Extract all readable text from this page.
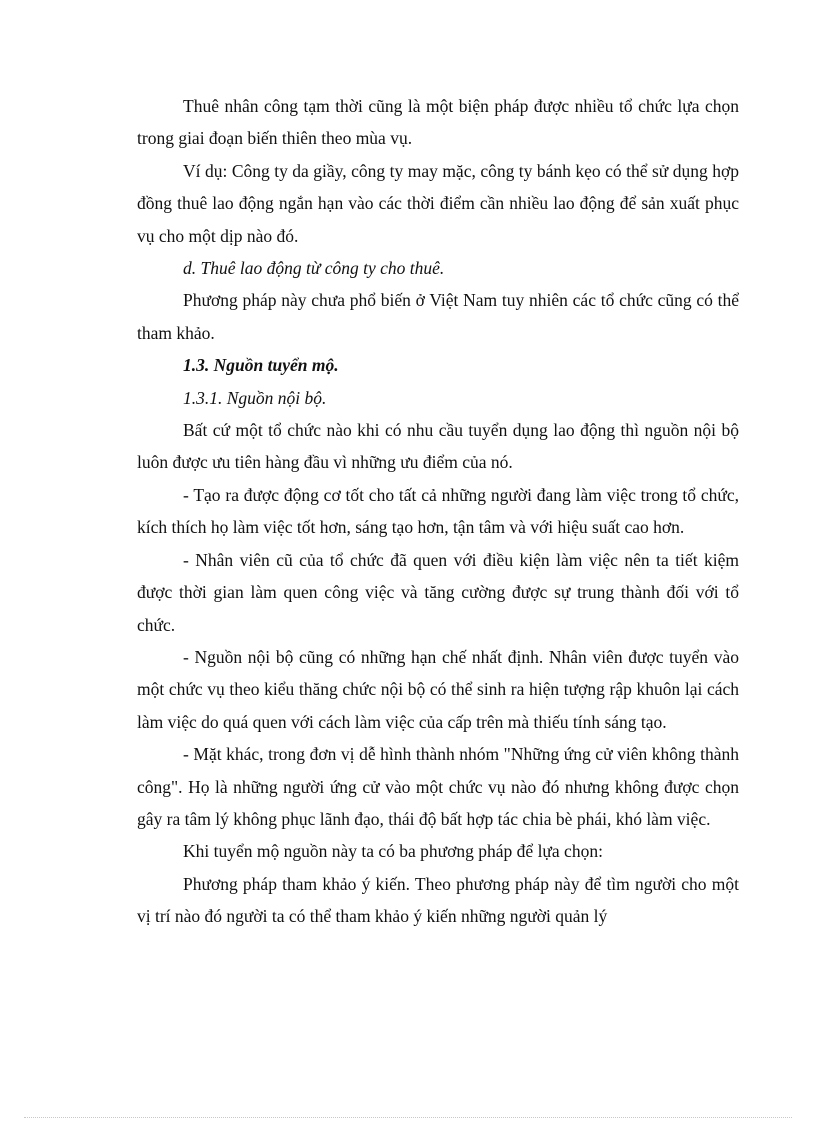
Thuê nhân công tạm thời cũng là một biện pháp được nhiều tổ chức lựa chọn trong giai đoạn biến thiên theo mùa vụ.

Ví dụ: Công ty da giầy, công ty may mặc, công ty bánh kẹo có thể sử dụng hợp đồng thuê lao động ngắn hạn vào các thời điểm cần nhiều lao động để sản xuất phục vụ cho một dịp nào đó.

d. Thuê lao động từ công ty cho thuê.

Phương pháp này chưa phổ biến ở Việt Nam tuy nhiên các tổ chức cũng có thể tham khảo.

1.3. Nguồn tuyển mộ.

1.3.1. Nguồn nội bộ.

Bất cứ một tổ chức nào khi có nhu cầu tuyển dụng lao động thì nguồn nội bộ luôn được ưu tiên hàng đầu vì những ưu điểm của nó.

- Tạo ra được động cơ tốt cho tất cả những người đang làm việc trong tổ chức, kích thích họ làm việc tốt hơn, sáng tạo hơn, tận tâm và với hiệu suất cao hơn.

- Nhân viên cũ của tổ chức đã quen với điều kiện làm việc nên ta tiết kiệm được thời gian làm quen công việc và tăng cường được sự trung thành đối với tổ chức.

- Nguồn nội bộ cũng có những hạn chế nhất định. Nhân viên được tuyển vào một chức vụ theo kiểu thăng chức nội bộ có thể sinh ra hiện tượng rập khuôn lại cách làm việc do quá quen với cách làm việc của cấp trên mà thiếu tính sáng tạo.

- Mặt khác, trong đơn vị dễ hình thành nhóm "Những ứng cử viên không thành công". Họ là những người ứng cử vào một chức vụ nào đó nhưng không được chọn gây ra tâm lý không phục lãnh đạo, thái độ bất hợp tác chia bè phái, khó làm việc.

Khi tuyển mộ nguồn này ta có ba phương pháp để lựa chọn:

Phương pháp tham khảo ý kiến. Theo phương pháp này để tìm người cho một vị trí nào đó người ta có thể tham khảo ý kiến những người quản lý
